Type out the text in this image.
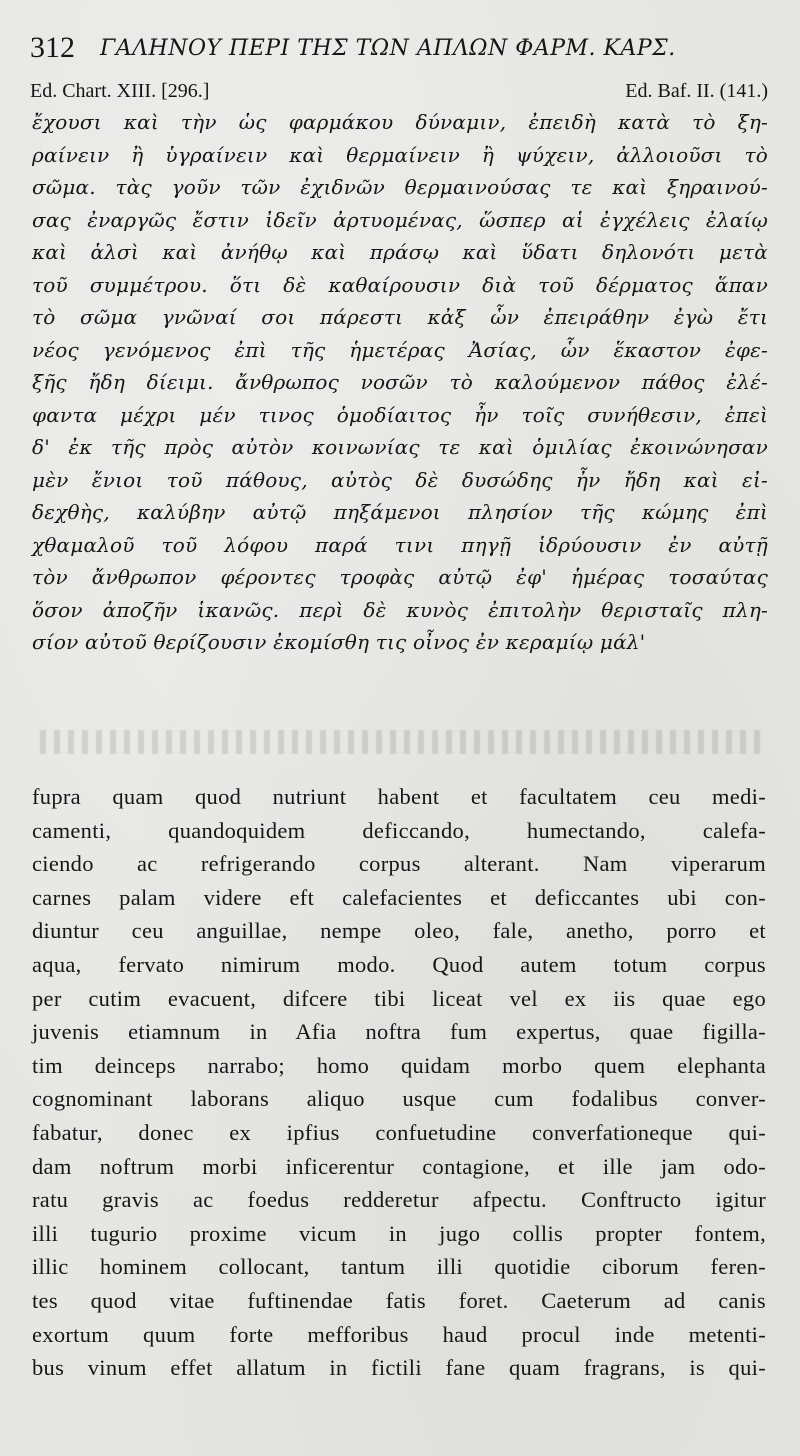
312 ΓΑΛΗΝΟΥ ΠΕΡΙ ΤΗΣ ΤΩΝ ΑΠΛΩΝ ΦΑΡΜ. ΚΑΡΣ.
Ed. Chart. XIII. [296.]	Ed. Baf. II. (141.)
ἔχουσι καὶ τὴν ὡς φαρμάκου δύναμιν, ἐπειδὴ κατὰ τὸ ξη-
ραίνειν ἢ ὑγραίνειν καὶ θερμαίνειν ἢ ψύχειν, ἀλλοιοῦσι τὸ
σῶμα. τὰς γοῦν τῶν ἐχιδνῶν θερμαινούσας τε καὶ ξηραινού-
σας ἐναργῶς ἔστιν ἰδεῖν ἀρτυομένας, ὥσπερ αἱ ἐγχέλεις ἐλαίῳ
καὶ ἁλσὶ καὶ ἀνήθῳ καὶ πράσῳ καὶ ὕδατι δηλονότι μετὰ
τοῦ συμμέτρου. ὅτι δὲ καθαίρουσιν διὰ τοῦ δέρματος ἅπαν
τὸ σῶμα γνῶναί σοι πάρεστι κἀξ ὧν ἐπειράθην ἐγὼ ἔτι
νέος γενόμενος ἐπὶ τῆς ἡμετέρας Ἀσίας, ὧν ἕκαστον ἐφε-
ξῆς ἤδη δίειμι. ἄνθρωπος νοσῶν τὸ καλούμενον πάθος ἐλέ-
φαντα μέχρι μέν τινος ὁμοδίαιτος ἦν τοῖς συνήθεσιν, ἐπεὶ
δ' ἐκ τῆς πρὸς αὐτὸν κοινωνίας τε καὶ ὁμιλίας ἐκοινώνησαν
μὲν ἔνιοι τοῦ πάθους, αὐτὸς δὲ δυσώδης ἦν ἤδη καὶ εἰ-
δεχθὴς, καλύβην αὐτῷ πηξάμενοι πλησίον τῆς κώμης ἐπὶ
χθαμαλοῦ τοῦ λόφου παρά τινι πηγῇ ἱδρύουσιν ἐν αὐτῇ
τὸν ἄνθρωπον φέροντες τροφὰς αὐτῷ ἐφ' ἡμέρας τοσαύτας
ὅσον ἀποζῆν ἱκανῶς. περὶ δὲ κυνὸς ἐπιτολὴν θερισταῖς πλη-
σίον αὐτοῦ θερίζουσιν ἐκομίσθη τις οἶνος ἐν κεραμίῳ μάλ'
fupra quam quod nutriunt habent et facultatem ceu medi-
camenti, quandoquidem deficcando, humectando, calefa-
ciendo ac refrigerando corpus alterant. Nam viperarum
carnes palam videre eft calefacientes et deficcantes ubi con-
diuntur ceu anguillae, nempe oleo, fale, anetho, porro et
aqua, fervato nimirum modo. Quod autem totum corpus
per cutim evacuent, difcere tibi liceat vel ex iis quae ego
juvenis etiamnum in Afia noftra fum expertus, quae figilla-
tim deinceps narrabo; homo quidam morbo quem elephanta
cognominant laborans aliquo usque cum fodalibus conver-
fabatur, donec ex ipfius confuetudine converfationeque qui-
dam noftrum morbi inficerentur contagione, et ille jam odo-
ratu gravis ac foedus redderetur afpectu. Conftructo igitur
illi tugurio proxime vicum in jugo collis propter fontem,
illic hominem collocant, tantum illi quotidie ciborum feren-
tes quod vitae fuftinendae fatis foret. Caeterum ad canis
exortum quum forte mefforibus haud procul inde metenti-
bus vinum effet allatum in fictili fane quam fragrans, is qui-
